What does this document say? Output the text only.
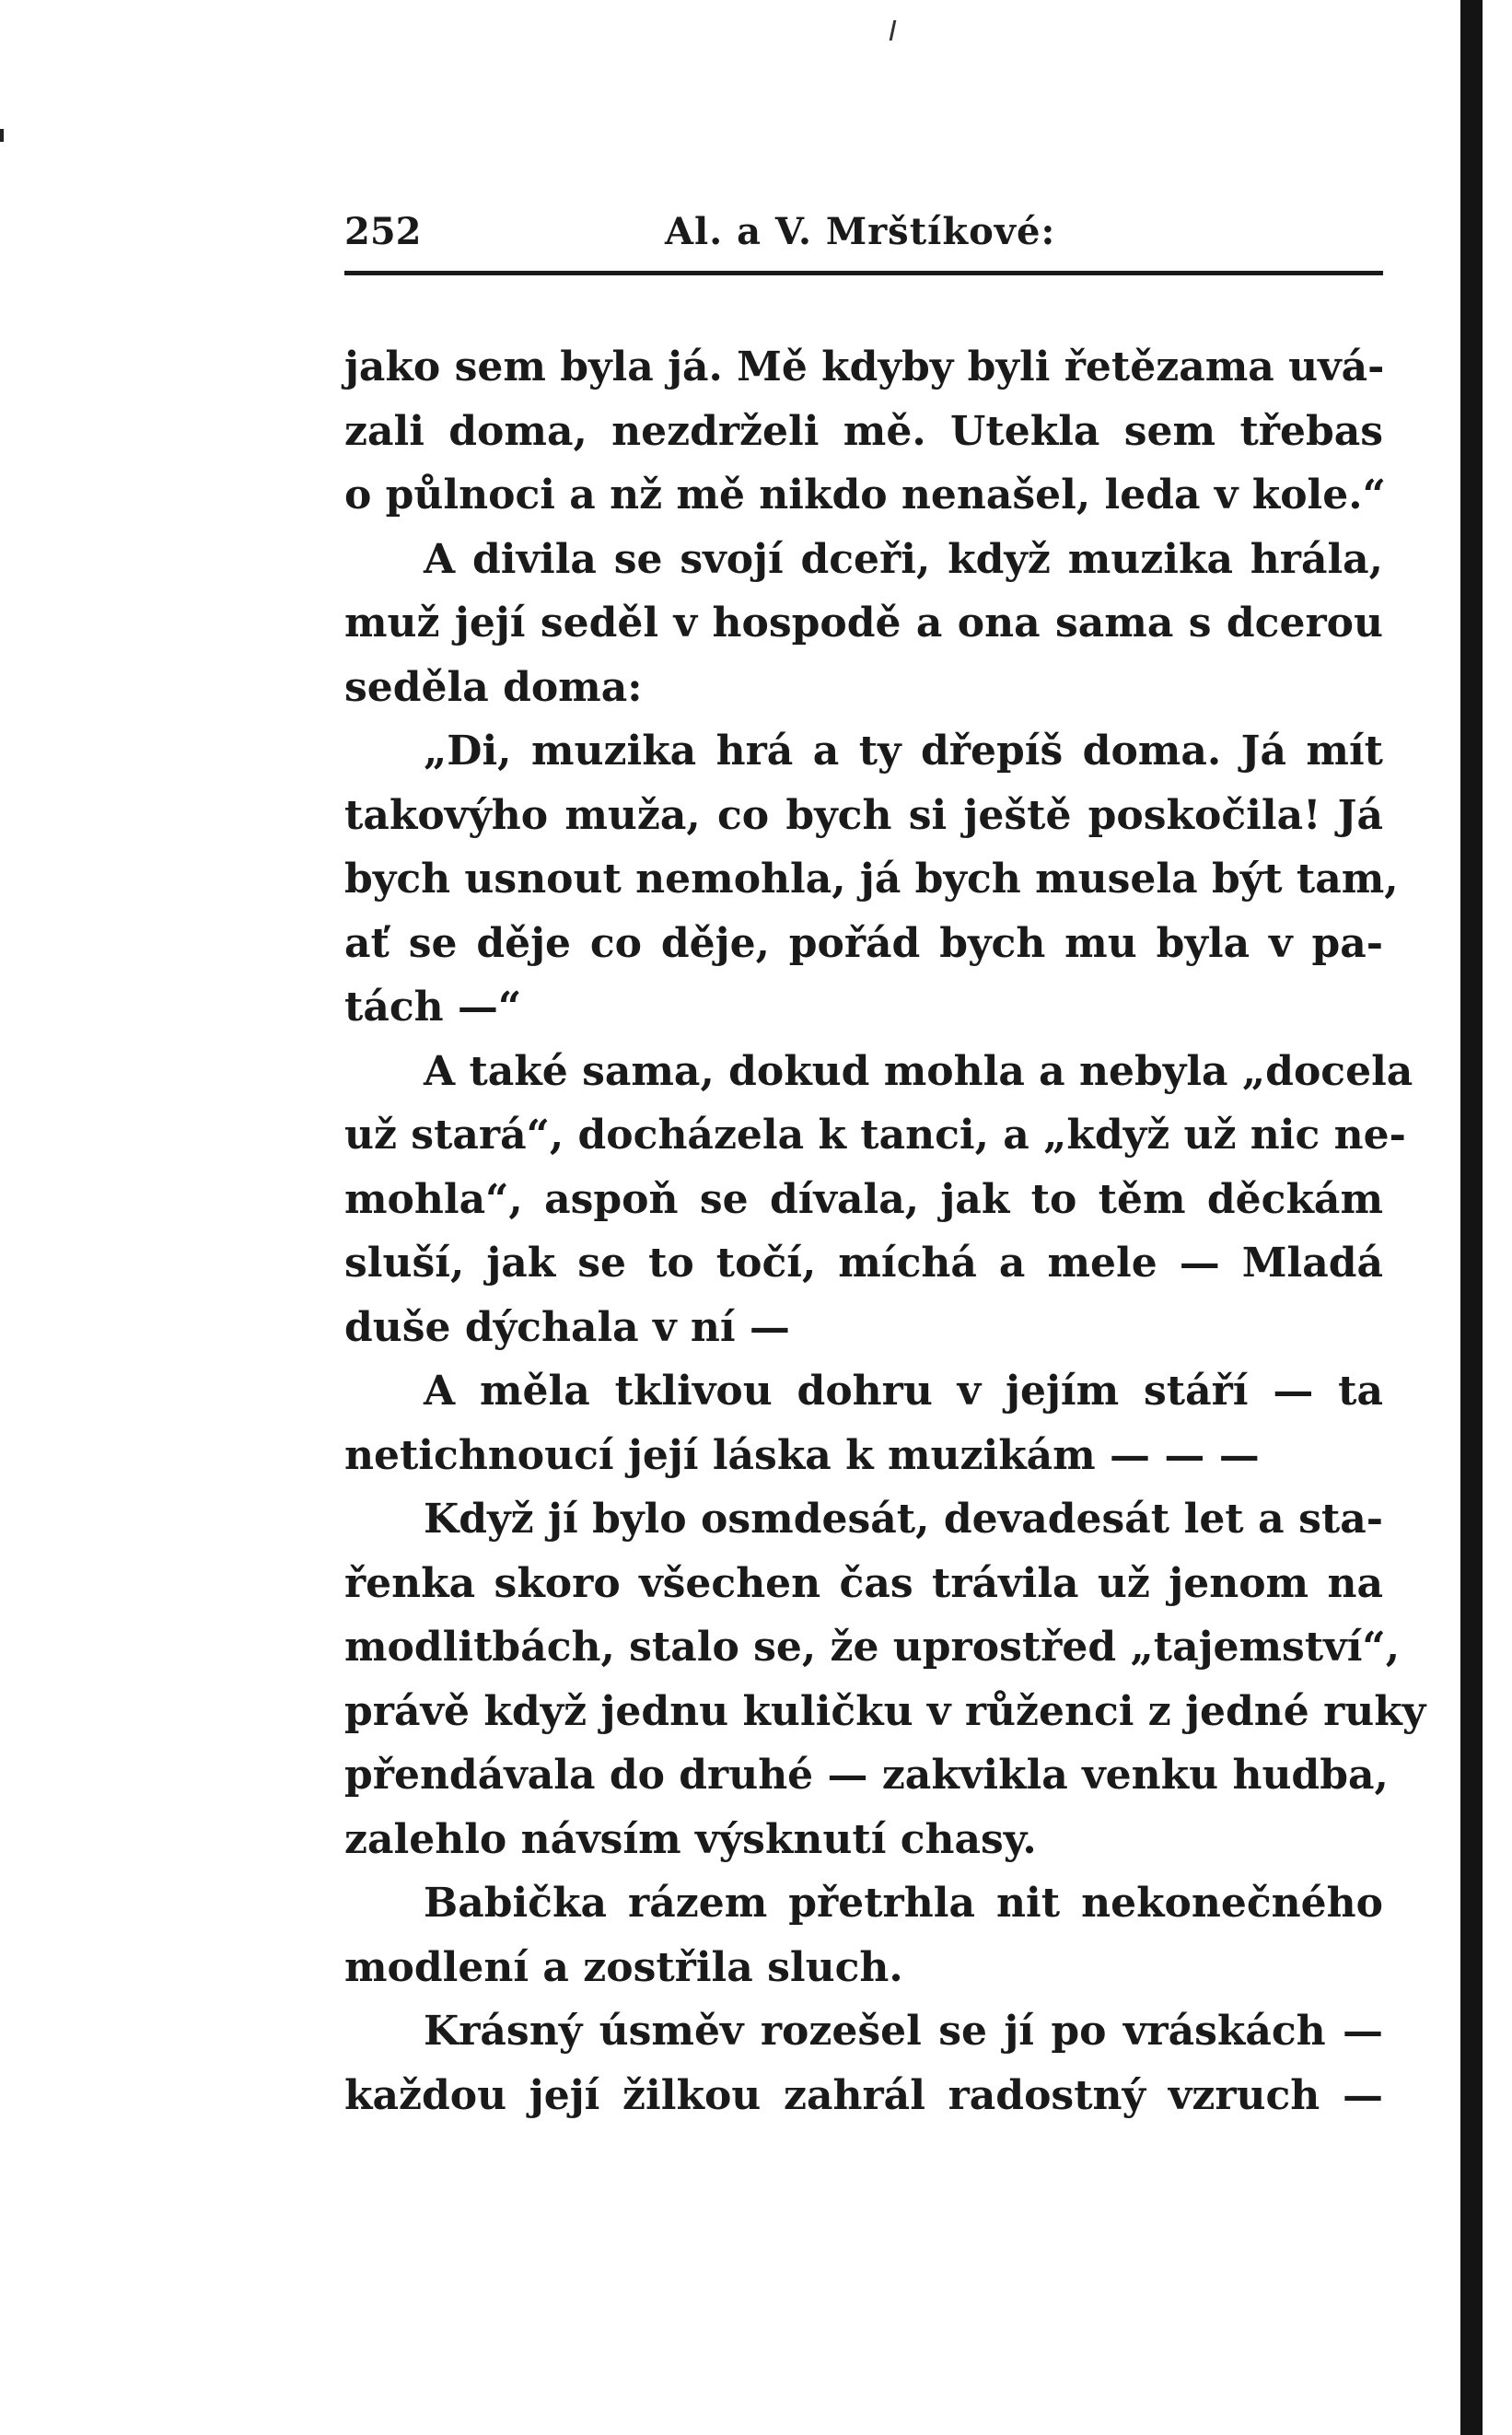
252	Al. a V. Mrštíkové:
jako sem byla já. Mě kdyby byli řetězama uvá-
zali doma, nezdrželi mě. Utekla sem třebas
o půlnoci a nž mě nikdo nenašel, leda v kole.“
A divila se svojí dceři, když muzika hrála,
muž její seděl v hospodě a ona sama s dcerou
seděla doma:
„Di, muzika hrá a ty dřepíš doma. Já mít
takovýho muža, co bych si ještě poskočila! Já
bych usnout nemohla, já bych musela být tam,
ať se děje co děje, pořád bych mu byla v pa-
tách —“
A také sama, dokud mohla a nebyla „docela
už stará“, docházela k tanci, a „když už nic ne-
mohla“, aspoň se dívala, jak to těm děckám
sluší, jak se to točí, míchá a mele — Mladá
duše dýchala v ní —
A měla tklivou dohru v jejím stáří — ta
netichnoucí její láska k muzikám — — —
Když jí bylo osmdesát, devadesát let a sta-
řenka skoro všechen čas trávila už jenom na
modlitbách, stalo se, že uprostřed „tajemství“,
právě když jednu kuličku v růženci z jedné ruky
přendávala do druhé — zakvikla venku hudba,
zalehlo návsím výsknutí chasy.
Babička rázem přetrhla nit nekonečného
modlení a zostřila sluch.
Krásný úsměv rozešel se jí po vráskách —
každou její žilkou zahrál radostný vzruch —
